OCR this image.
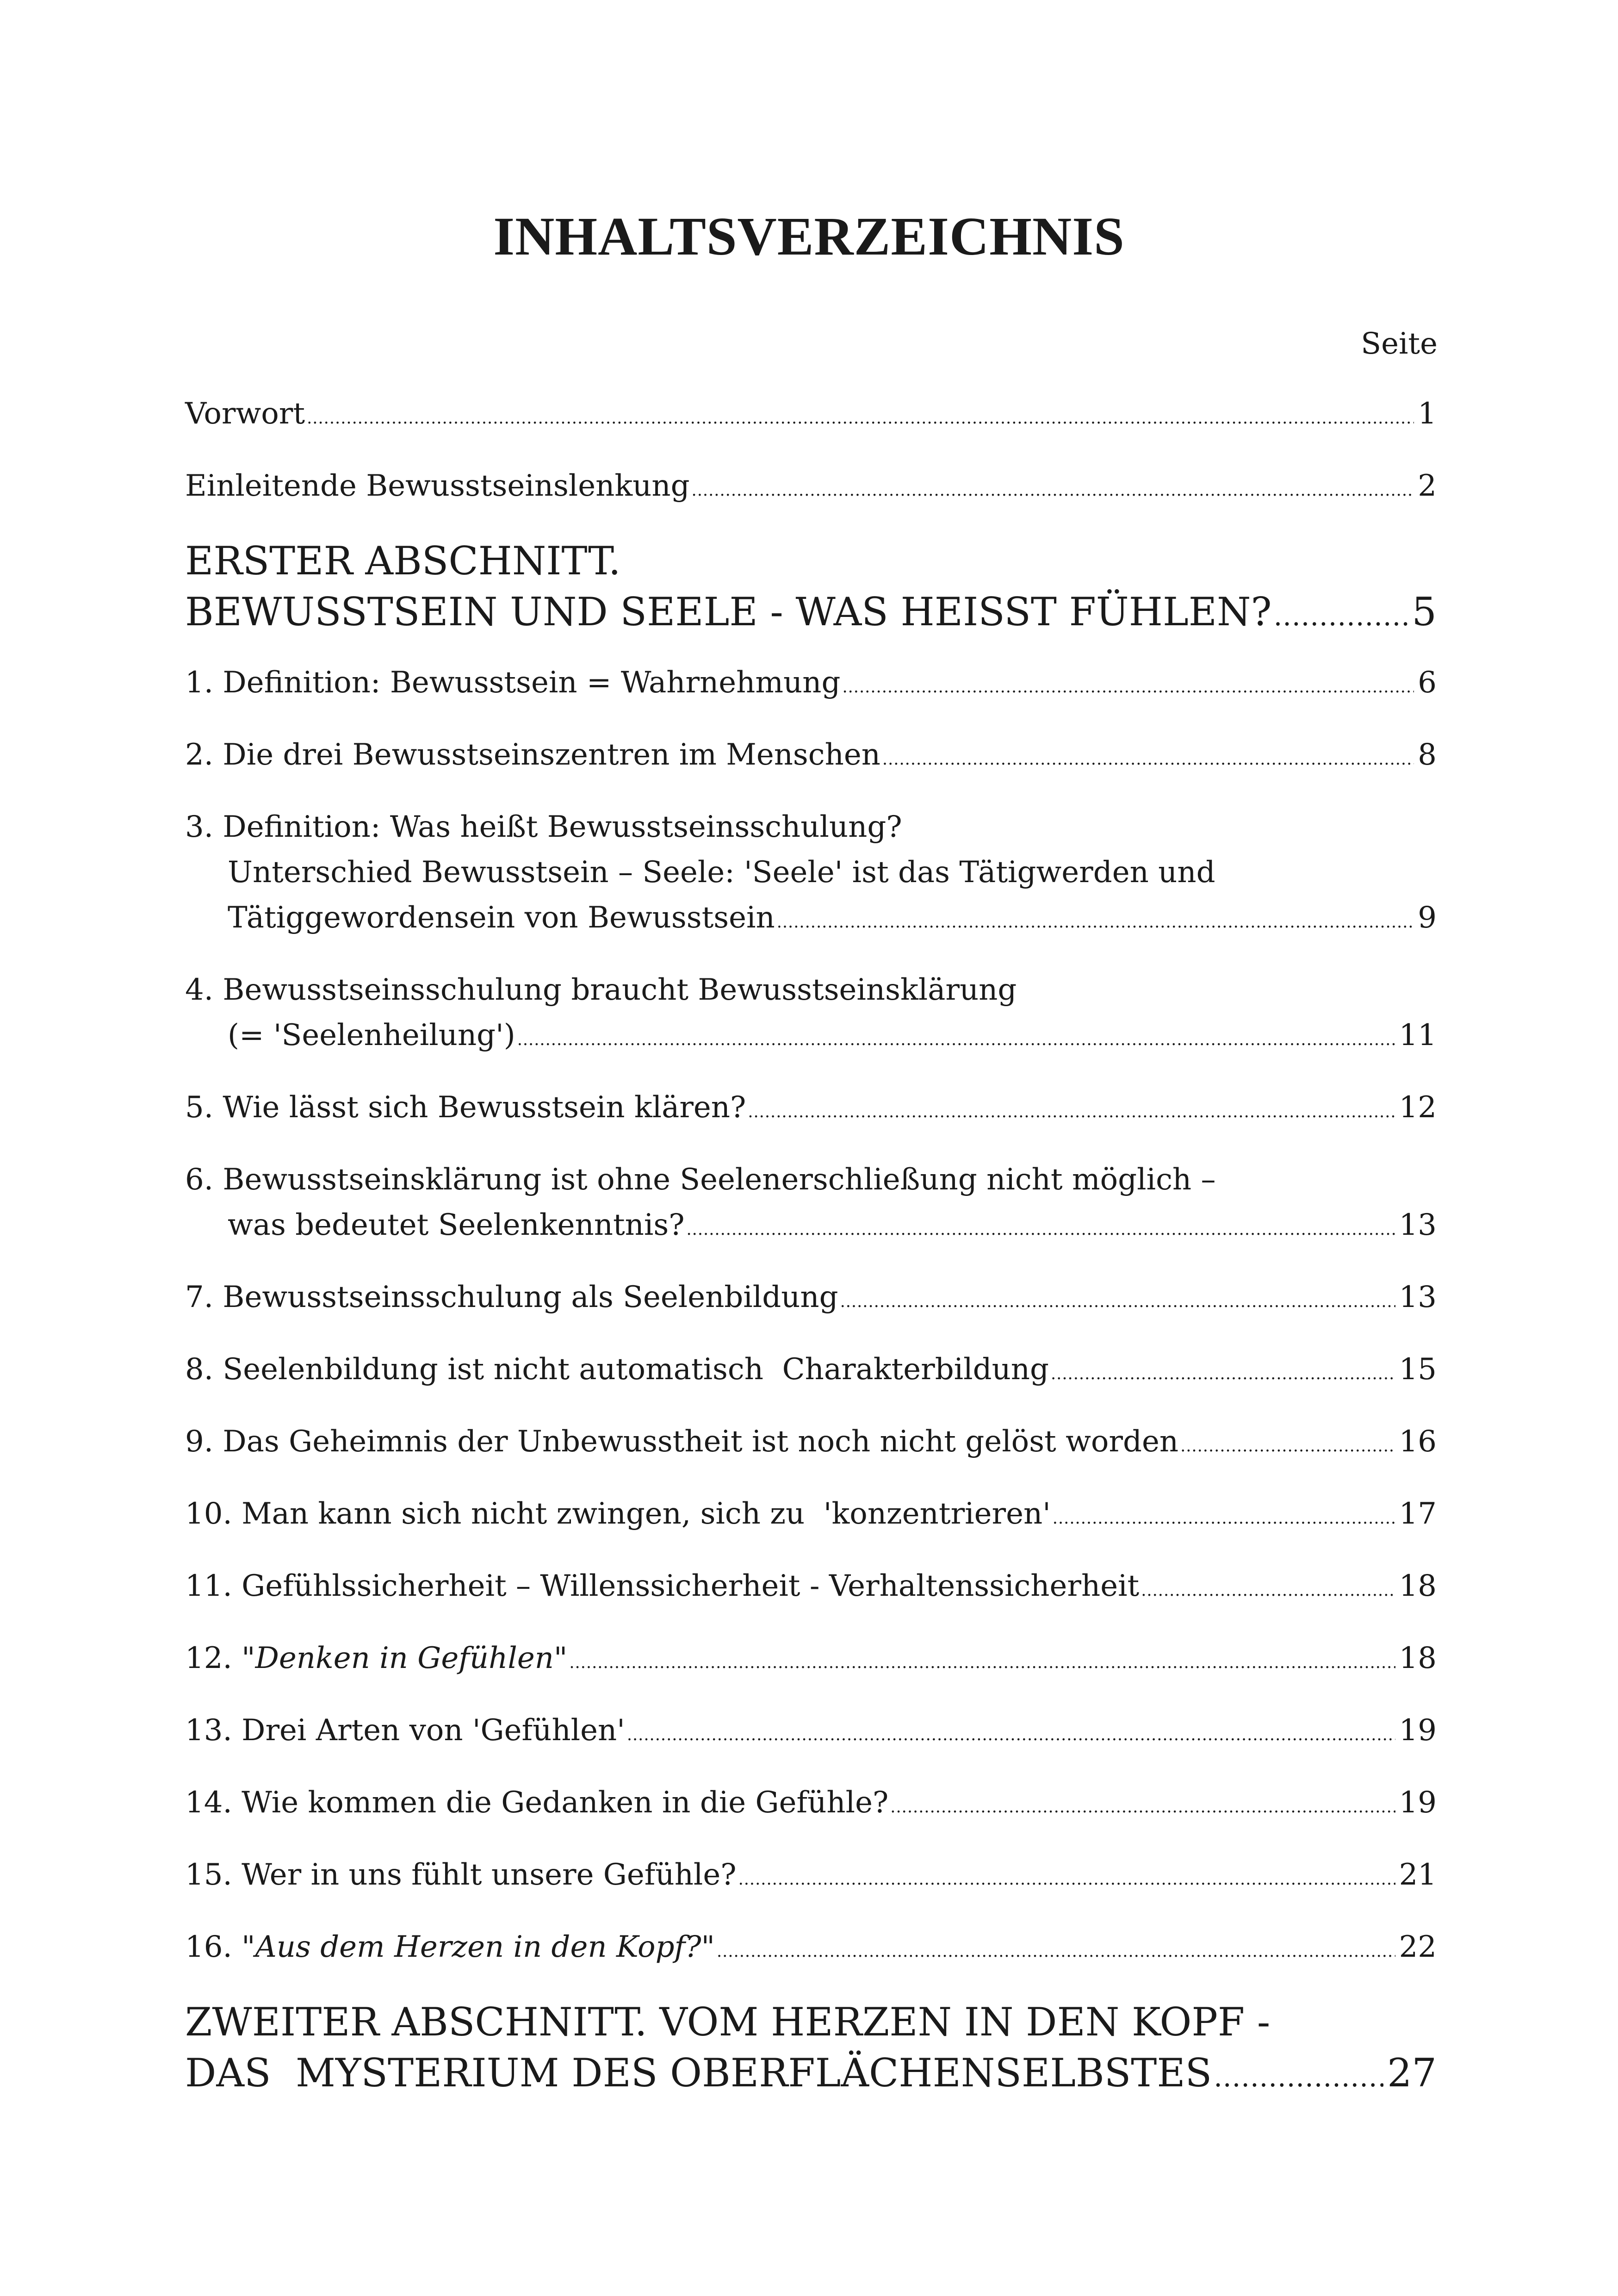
INHALTSVERZEICHNIS
Seite
Vorwort .....	1
Einleitende Bewusstseinslenkung .....	2
ERSTER ABSCHNITT.
BEWUSSTSEIN UND SEELE - WAS HEISST FÜHLEN? .....	5
1. Definition: Bewusstsein = Wahrnehmung .....	6
2. Die drei Bewusstseinszentren im Menschen .....	8
3. Definition: Was heißt Bewusstseinsschulung?
Unterschied Bewusstsein – Seele: 'Seele' ist das Tätigwerden und
Tätiggewordensein von Bewusstsein .....	9
4. Bewusstseinsschulung braucht Bewusstseinsklärung
(= 'Seelenheilung') .....	11
5. Wie lässt sich Bewusstsein klären? .....	12
6. Bewusstseinsklärung ist ohne Seelenerschließung nicht möglich –
was bedeutet Seelenkenntnis? .....	13
7. Bewusstseinsschulung als Seelenbildung .....	13
8. Seelenbildung ist nicht automatisch  Charakterbildung .....	15
9. Das Geheimnis der Unbewusstheit ist noch nicht gelöst worden .....	16
10. Man kann sich nicht zwingen, sich zu  'konzentrieren' .....	17
11. Gefühlssicherheit – Willenssicherheit - Verhaltenssicherheit .....	18
12. "Denken in Gefühlen" .....	18
13. Drei Arten von 'Gefühlen' .....	19
14. Wie kommen die Gedanken in die Gefühle? .....	19
15. Wer in uns fühlt unsere Gefühle? .....	21
16. "Aus dem Herzen in den Kopf?" .....	22
ZWEITER ABSCHNITT. VOM HERZEN IN DEN KOPF -
DAS  MYSTERIUM DES OBERFLÄCHENSELBSTES .....	27
